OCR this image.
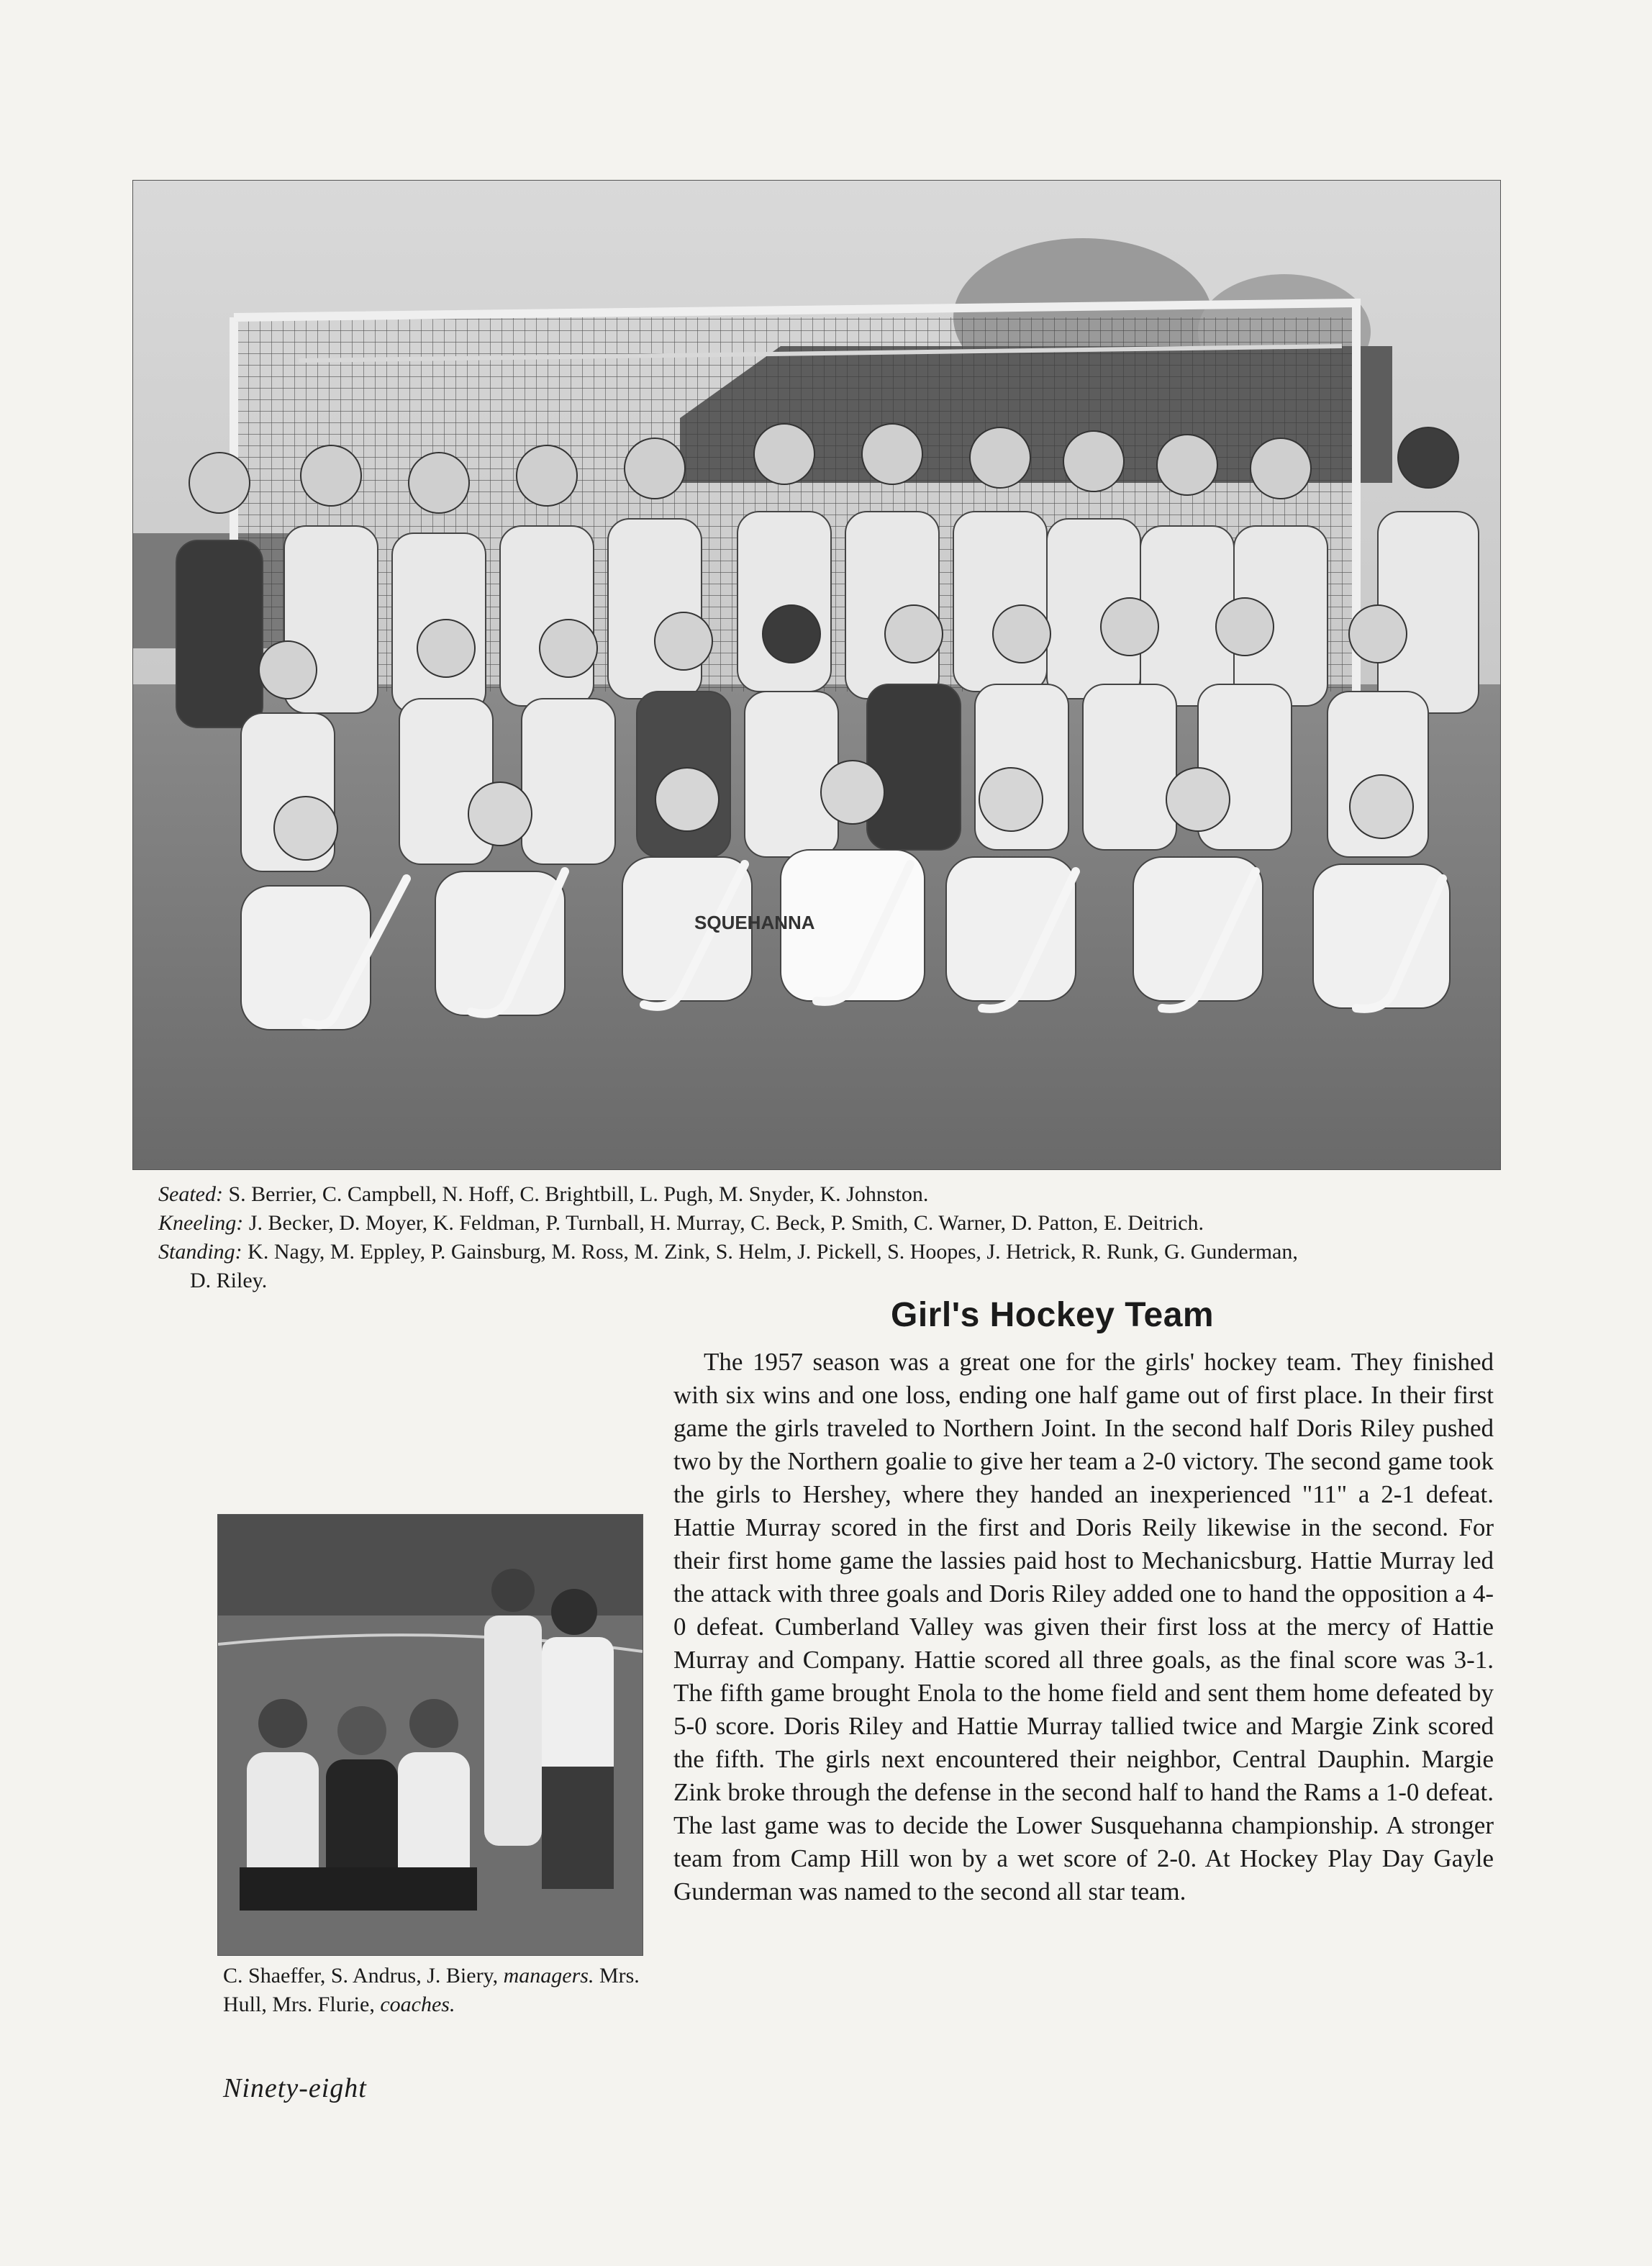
SQUEHANNA
Seated: S. Berrier, C. Campbell, N. Hoff, C. Brightbill, L. Pugh, M. Snyder, K. Johnston.
Kneeling: J. Becker, D. Moyer, K. Feldman, P. Turnball, H. Murray, C. Beck, P. Smith, C. Warner, D. Patton, E. Deitrich.
Standing: K. Nagy, M. Eppley, P. Gainsburg, M. Ross, M. Zink, S. Helm, J. Pickell, S. Hoopes, J. Hetrick, R. Runk, G. Gunderman,
D. Riley.
Girl's Hockey Team
The 1957 season was a great one for the girls' hockey team. They finished with six wins and one loss, ending one half game out of first place. In their first game the girls traveled to Northern Joint. In the second half Doris Riley pushed two by the Northern goalie to give her team a 2-0 victory. The second game took the girls to Hershey, where they handed an inexperienced "11" a 2-1 defeat. Hattie Murray scored in the first and Doris Reily likewise in the second. For their first home game the lassies paid host to Mechanicsburg. Hattie Murray led the attack with three goals and Doris Riley added one to hand the opposition a 4-0 defeat. Cumberland Valley was given their first loss at the mercy of Hattie Murray and Company. Hattie scored all three goals, as the final score was 3-1. The fifth game brought Enola to the home field and sent them home defeated by 5-0 score. Doris Riley and Hattie Murray tallied twice and Margie Zink scored the fifth. The girls next encountered their neighbor, Central Dauphin. Margie Zink broke through the defense in the second half to hand the Rams a 1-0 defeat. The last game was to decide the Lower Susquehanna championship. A stronger team from Camp Hill won by a wet score of 2-0. At Hockey Play Day Gayle Gunderman was named to the second all star team.
C. Shaeffer, S. Andrus, J. Biery, managers. Mrs. Hull, Mrs. Flurie, coaches.
Ninety-eight
